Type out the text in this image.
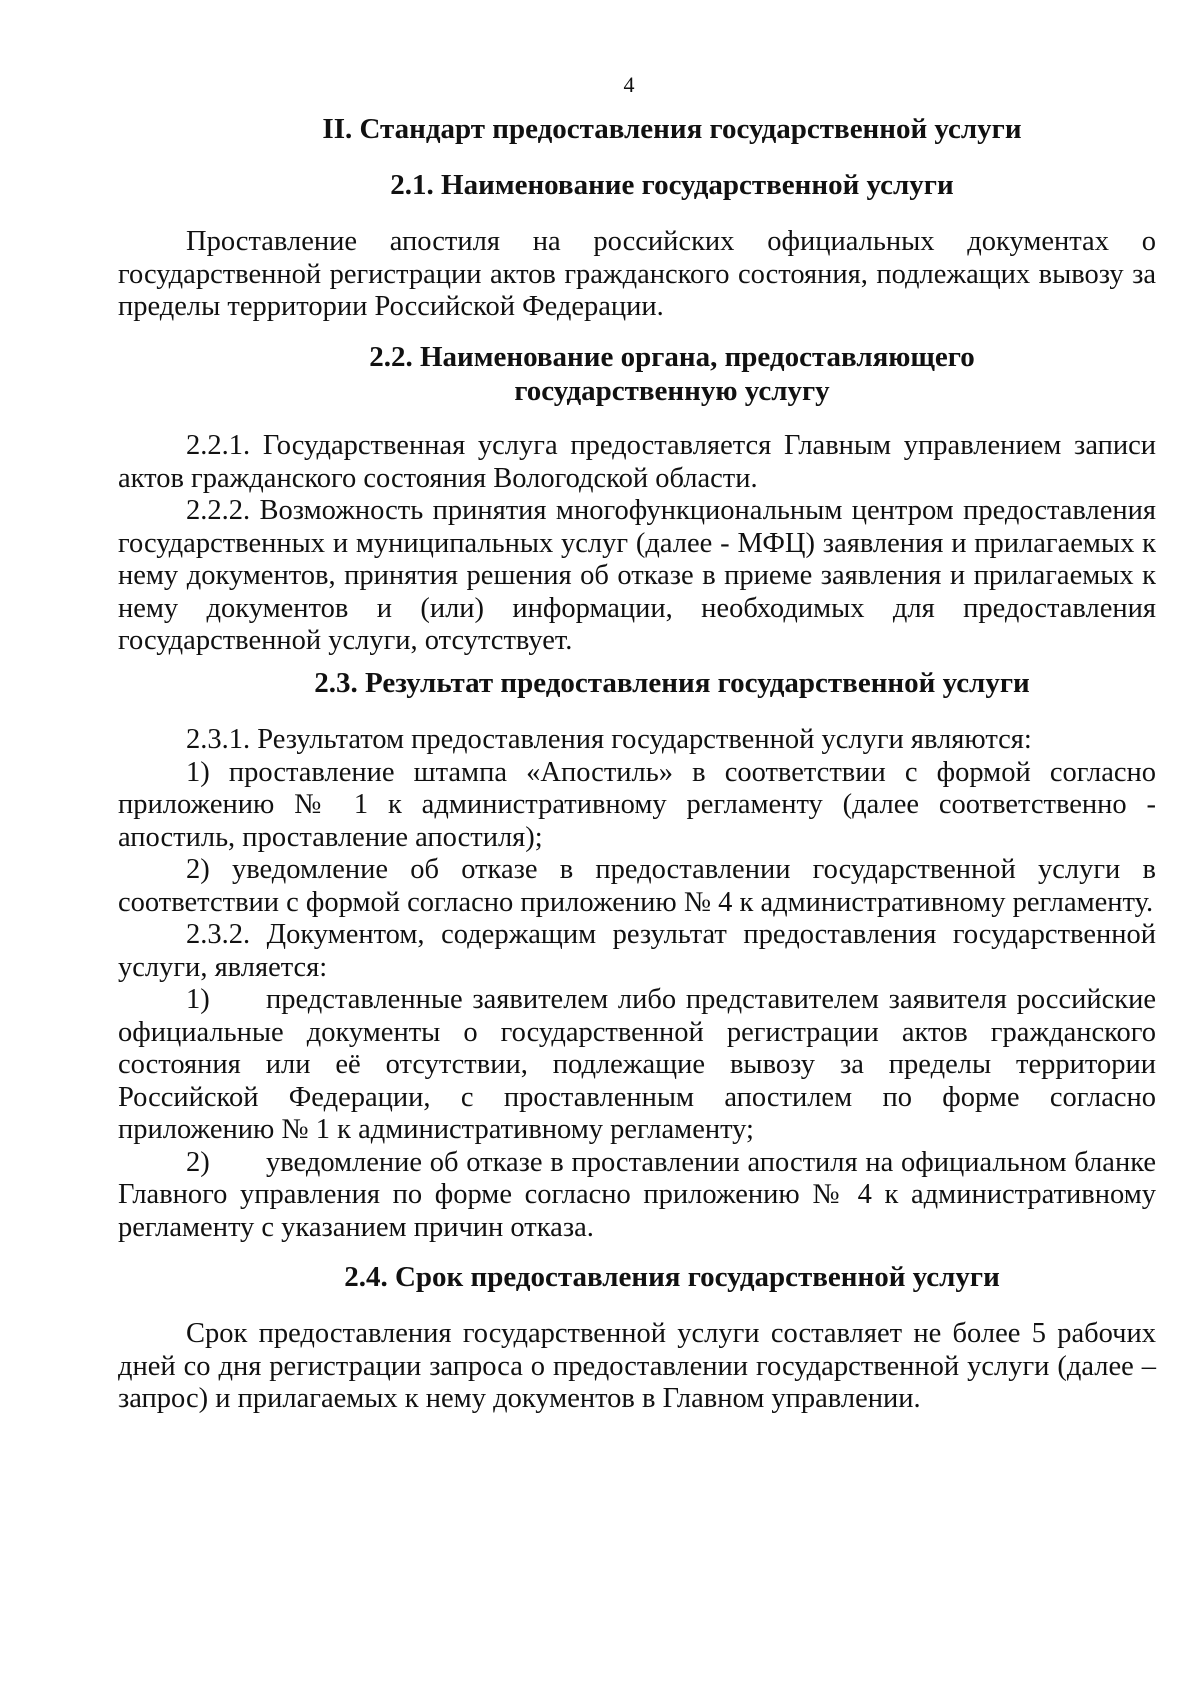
4
II. Стандарт предоставления государственной услуги
2.1. Наименование государственной услуги
Проставление апостиля на российских официальных документах о государственной регистрации актов гражданского состояния, подлежащих вывозу за пределы территории Российской Федерации.
2.2. Наименование органа, предоставляющего
государственную услугу
2.2.1. Государственная услуга предоставляется Главным управлением записи актов гражданского состояния Вологодской области.
2.2.2. Возможность принятия многофункциональным центром предоставления государственных и муниципальных услуг (далее - МФЦ) заявления и прилагаемых к нему документов, принятия решения об отказе в приеме заявления и прилагаемых к нему документов и (или) информации, необходимых для предоставления государственной услуги, отсутствует.
2.3. Результат предоставления государственной услуги
2.3.1. Результатом предоставления государственной услуги являются:
1) проставление штампа «Апостиль» в соответствии с формой согласно приложению № 1 к административному регламенту (далее соответственно - апостиль, проставление апостиля);
2) уведомление об отказе в предоставлении государственной услуги в соответствии с формой согласно приложению № 4 к административному регламенту.
2.3.2. Документом, содержащим результат предоставления государственной услуги, является:
1) представленные заявителем либо представителем заявителя российские официальные документы о государственной регистрации актов гражданского состояния или её отсутствии, подлежащие вывозу за пределы территории Российской Федерации, с проставленным апостилем по форме согласно приложению № 1 к административному регламенту;
2) уведомление об отказе в проставлении апостиля на официальном бланке Главного управления по форме согласно приложению № 4 к административному регламенту с указанием причин отказа.
2.4. Срок предоставления государственной услуги
Срок предоставления государственной услуги составляет не более 5 рабочих дней со дня регистрации запроса о предоставлении государственной услуги (далее – запрос) и прилагаемых к нему документов в Главном управлении.
